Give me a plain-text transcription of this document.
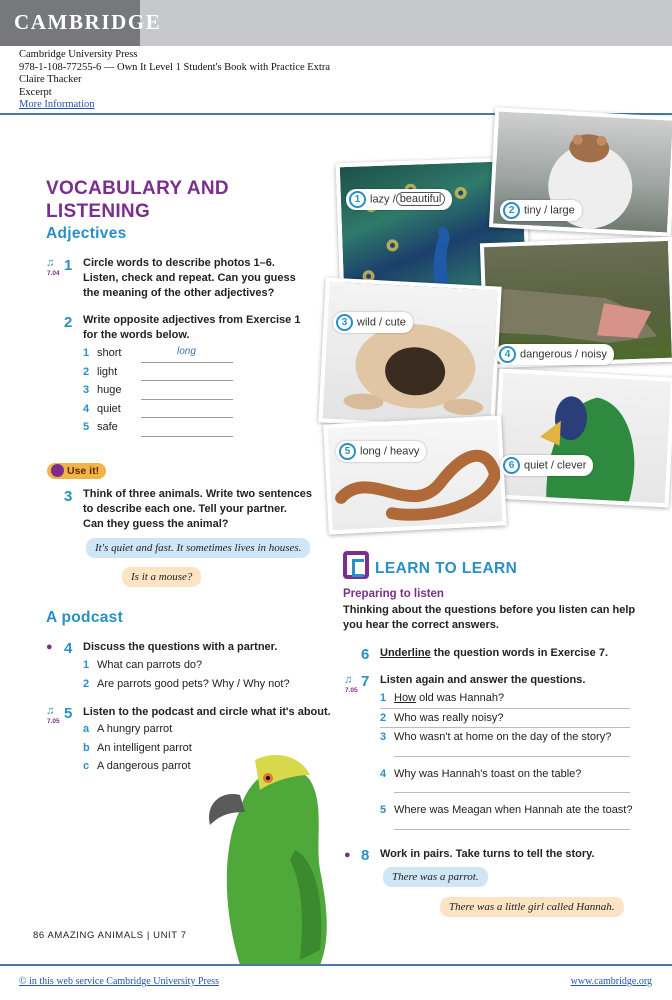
CAMBRIDGE
Cambridge University Press
978-1-108-77255-6 — Own It Level 1 Student's Book with Practice Extra
Claire Thacker
Excerpt
More Information
1 lazy / beautiful
2 tiny / large
3 wild / cute
4 dangerous / noisy
5 long / heavy
6 quiet / clever
VOCABULARY AND
LISTENING
Adjectives
♫
7.04 1 Circle words to describe photos 1–6.
Listen, check and repeat. Can you guess
the meaning of the other adjectives?
2 Write opposite adjectives from Exercise 1
for the words below.
1 short	long
2 light
3 huge
4 quiet
5 safe
Use it!
3 Think of three animals. Write two sentences
to describe each one. Tell your partner.
Can they guess the animal?
It's quiet and fast. It sometimes lives in houses.
Is it a mouse?
A podcast
● 4 Discuss the questions with a partner.
1 What can parrots do?
2 Are parrots good pets? Why / Why not?
♫
7.05 5 Listen to the podcast and circle what it's about.
a A hungry parrot
b An intelligent parrot
c A dangerous parrot
LEARN TO LEARN
Preparing to listen
Thinking about the questions before you listen can help
you hear the correct answers.
6 Underline the question words in Exercise 7.
♫
7.05
7 Listen again and answer the questions.
1 How old was Hannah?
2 Who was really noisy?
3 Who wasn't at home on the day of the story?
4 Why was Hannah's toast on the table?
5 Where was Meagan when Hannah ate the toast?
● 8 Work in pairs. Take turns to tell the story.
There was a parrot.
There was a little girl called Hannah.
86 AMAZING ANIMALS | UNIT 7
© in this web service Cambridge University Press	www.cambridge.org
